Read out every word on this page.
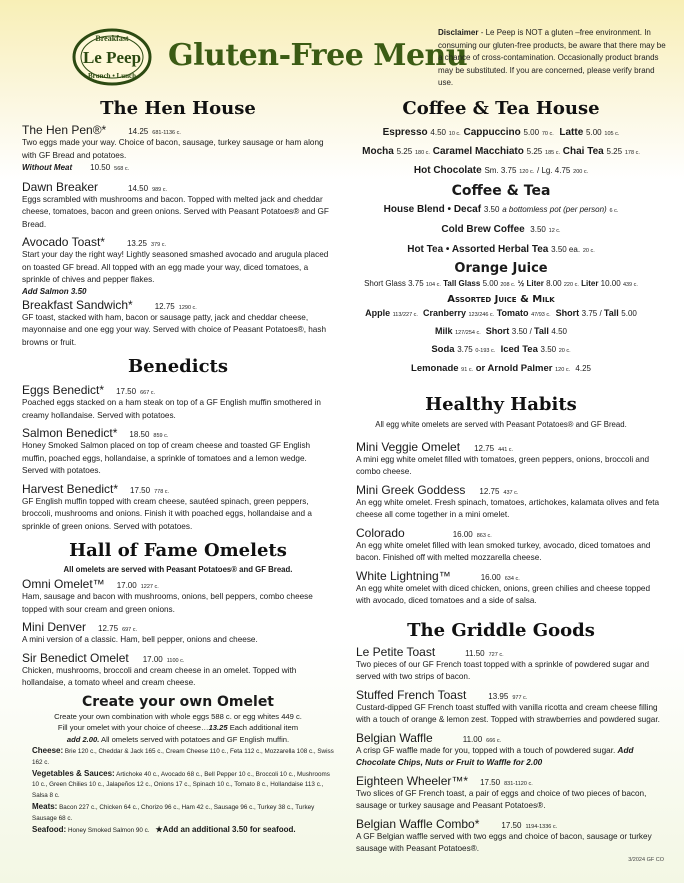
Breakfast
Le Peep
Brunch • Lunch
Gluten-Free Menu
Disclaimer - Le Peep is NOT a gluten –free environment. In consuming our gluten-free products, be aware that there may be a chance of cross-contamination. Occasionally product brands may be substituted. If you are concerned, please verify brand use.
The Hen House
The Hen Pen®*	14.25 681-1136 c.
Two eggs made your way. Choice of bacon, sausage, turkey sausage or ham along with GF Bread and potatoes.
Without Meat 10.50 568 c.
Dawn Breaker	14.50 989 c.
Eggs scrambled with mushrooms and bacon. Topped with melted jack and cheddar cheese, tomatoes, bacon and green onions. Served with Peasant Potatoes® and GF Bread.
Avocado Toast*	13.25 379 c.
Start your day the right way! Lightly seasoned smashed avocado and arugula placed on toasted GF bread. All topped with an egg made your way, diced tomatoes, a sprinkle of chives and pepper flakes.
Add Salmon 3.50
Breakfast Sandwich*	12.75 1290 c.
GF toast, stacked with ham, bacon or sausage patty, jack and cheddar cheese, mayonnaise and one egg your way. Served with choice of Peasant Potatoes®, hash browns or fruit.
Benedicts
Eggs Benedict* 17.50 667 c.
Poached eggs stacked on a ham steak on top of a GF English muffin smothered in creamy hollandaise. Served with potatoes.
Salmon Benedict* 18.50 859 c.
Honey Smoked Salmon placed on top of cream cheese and toasted GF English muffin, poached eggs, hollandaise, a sprinkle of tomatoes and a lemon wedge. Served with potatoes.
Harvest Benedict* 17.50 778 c.
GF English muffin topped with cream cheese, sautéed spinach, green peppers, broccoli, mushrooms and onions. Finish it with poached eggs, hollandaise and a sprinkle of green onions. Served with potatoes.
Hall of Fame Omelets
All omelets are served with Peasant Potatoes® and GF Bread.
Omni Omelet™ 17.00 1227 c.
Ham, sausage and bacon with mushrooms, onions, bell peppers, combo cheese topped with sour cream and green onions.
Mini Denver 12.75 697 c.
A mini version of a classic. Ham, bell pepper, onions and cheese.
Sir Benedict Omelet 17.00 1100 c.
Chicken, mushrooms, broccoli and cream cheese in an omelet. Topped with hollandaise, a tomato wheel and cream cheese.
Create your own Omelet
Create your own combination with whole eggs 588 c. or egg whites 449 c.
Fill your omelet with your choice of cheese…13.25 Each additional item
add 2.00. All omelets served with potatoes and GF English muffin.
Cheese: Brie 120 c., Cheddar & Jack 165 c., Cream Cheese 110 c., Feta 112 c., Mozzarella 108 c., Swiss 162 c.
Vegetables & Sauces: Artichoke 40 c., Avocado 68 c., Bell Pepper 10 c., Broccoli 10 c., Mushrooms 10 c., Green Chilies 10 c., Jalapeños 12 c., Onions 17 c., Spinach 10 c., Tomato 8 c., Hollandaise 113 c., Salsa 8 c.
Meats: Bacon 227 c., Chicken 64 c., Chorizo 96 c., Ham 42 c., Sausage 96 c., Turkey 38 c., Turkey Sausage 68 c.
Seafood: Honey Smoked Salmon 90 c. ★Add an additional 3.50 for seafood.
Coffee & Tea House
Espresso 4.50 10 c. Cappuccino 5.00 70 c. Latte 5.00 105 c.
Mocha 5.25 180 c. Caramel Macchiato 5.25 185 c. Chai Tea 5.25 178 c.
Hot Chocolate Sm. 3.75 120 c. / Lg. 4.75 200 c.
Coffee & Tea
House Blend • Decaf 3.50 a bottomless pot (per person) 6 c.
Cold Brew Coffee 3.50 12 c.
Hot Tea • Assorted Herbal Tea 3.50 ea. 20 c.
Orange Juice
Short Glass 3.75 104 c. Tall Glass 5.00 208 c. ½ Liter 8.00 220 c. Liter 10.00 439 c.
Assorted Juice & Milk
Apple 113/227 c. Cranberry 123/246 c. Tomato 47/93 c. Short 3.75 / Tall 5.00
Milk 127/254 c. Short 3.50 / Tall 4.50
Soda 3.75 0-193 c. Iced Tea 3.50 20 c.
Lemonade 91 c. or Arnold Palmer 120 c. 4.25
Healthy Habits
All egg white omelets are served with Peasant Potatoes® and GF Bread.
Mini Veggie Omelet 12.75 441 c.
A mini egg white omelet filled with tomatoes, green peppers, onions, broccoli and combo cheese.
Mini Greek Goddess 12.75 437 c.
An egg white omelet. Fresh spinach, tomatoes, artichokes, kalamata olives and feta cheese all come together in a mini omelet.
Colorado	16.00 863 c.
An egg white omelet filled with lean smoked turkey, avocado, diced tomatoes and bacon. Finished off with melted mozzarella cheese.
White Lightning™	16.00 634 c.
An egg white omelet with diced chicken, onions, green chilies and cheese topped with avocado, diced tomatoes and a side of salsa.
The Griddle Goods
Le Petite Toast	11.50 727 c.
Two pieces of our GF French toast topped with a sprinkle of powdered sugar and served with two strips of bacon.
Stuffed French Toast	13.95 977 c.
Custard-dipped GF French toast stuffed with vanilla ricotta and cream cheese filling with a touch of orange & lemon zest. Topped with strawberries and powdered sugar.
Belgian Waffle	11.00 666 c.
A crisp GF waffle made for you, topped with a touch of powdered sugar. Add Chocolate Chips, Nuts or Fruit to Waffle for 2.00
Eighteen Wheeler™* 17.50 831-1120 c.
Two slices of GF French toast, a pair of eggs and choice of two pieces of bacon, sausage or turkey sausage and Peasant Potatoes®.
Belgian Waffle Combo*	17.50 1194-1336 c.
A GF Belgian waffle served with two eggs and choice of bacon, sausage or turkey sausage with Peasant Potatoes®.
3/2024 GF CO
